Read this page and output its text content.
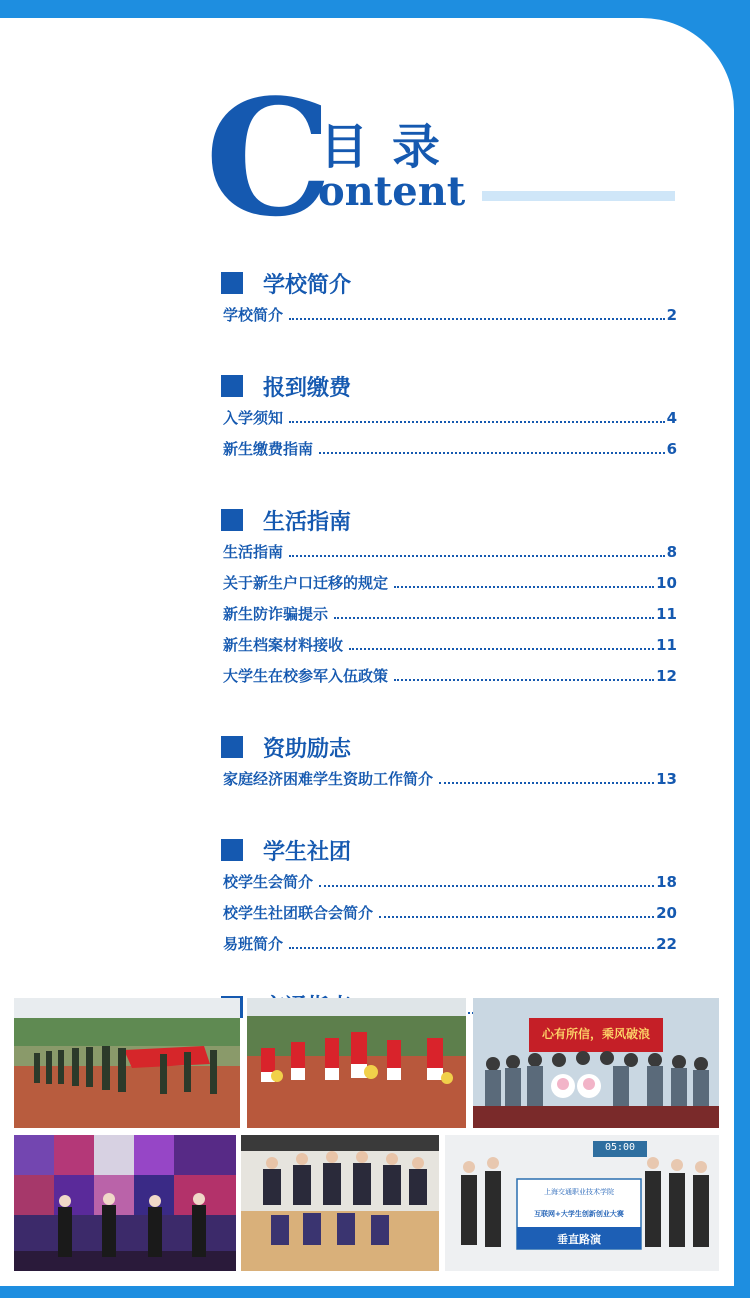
C
目录
ontent
学校简介
学校简介	2
报到缴费
入学须知	4
新生缴费指南	6
生活指南
生活指南	8
关于新生户口迁移的规定	10
新生防诈骗提示	11
新生档案材料接收	11
大学生在校参军入伍政策	12
资助励志
家庭经济困难学生资助工作简介	13
学生社团
校学生会简介	18
校学生社团联合会简介	20
易班简介	22
心有所信，乘风破浪
05:00
上海交通职业技术学院
互联网+大学生创新创业大赛
垂直路演
